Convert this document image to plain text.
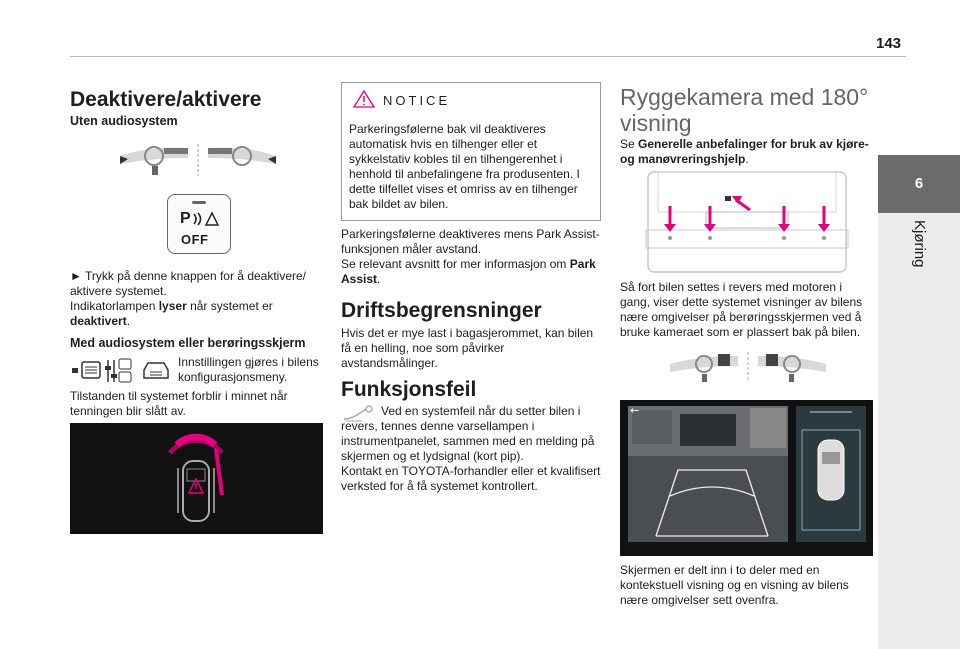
143
6
Kjøring
Deaktivere/aktivere
Uten audiosystem
P
OFF

► Trykk på denne knappen for å deaktivere/ aktivere systemet.

Indikatorlampen lyser når systemet er deaktivert.

Med audiosystem eller berøringsskjerm
Innstillingen gjøres i bilens konfigurasjonsmeny.
Tilstanden til systemet forblir i minnet når tenningen blir slått av.
NOTICE
Parkeringsfølerne bak vil deaktiveres automatisk hvis en tilhenger eller et sykkelstativ kobles til en tilhengerenhet i henhold til anbefalingene fra produsenten. I dette tilfellet vises et omriss av en tilhenger bak bildet av bilen.

Parkeringsfølerne deaktiveres mens Park Assist-funksjonen måler avstand.

Se relevant avsnitt for mer informasjon om Park Assist.

Driftsbegrensninger
Hvis det er mye last i bagasjerommet, kan bilen få en helling, noe som påvirker avstandsmålinger.
Funksjonsfeil

Ved en systemfeil når du setter bilen i revers, tennes denne varsellampen i instrumentpanelet, sammen med en melding på skjermen og et lydsignal (kort pip).

Kontakt en TOYOTA-forhandler eller et kvalifisert verksted for å få systemet kontrollert.

Ryggekamera med 180° visning
Se Generelle anbefalinger for bruk av kjøre- og manøvreringshjelp.
Så fort bilen settes i revers med motoren i gang, viser dette systemet visninger av bilens nære omgivelser på berøringsskjermen ved å bruke kameraet som er plassert bak på bilen.
←
Skjermen er delt inn i to deler med en kontekstuell visning og en visning av bilens nære omgivelser sett ovenfra.
